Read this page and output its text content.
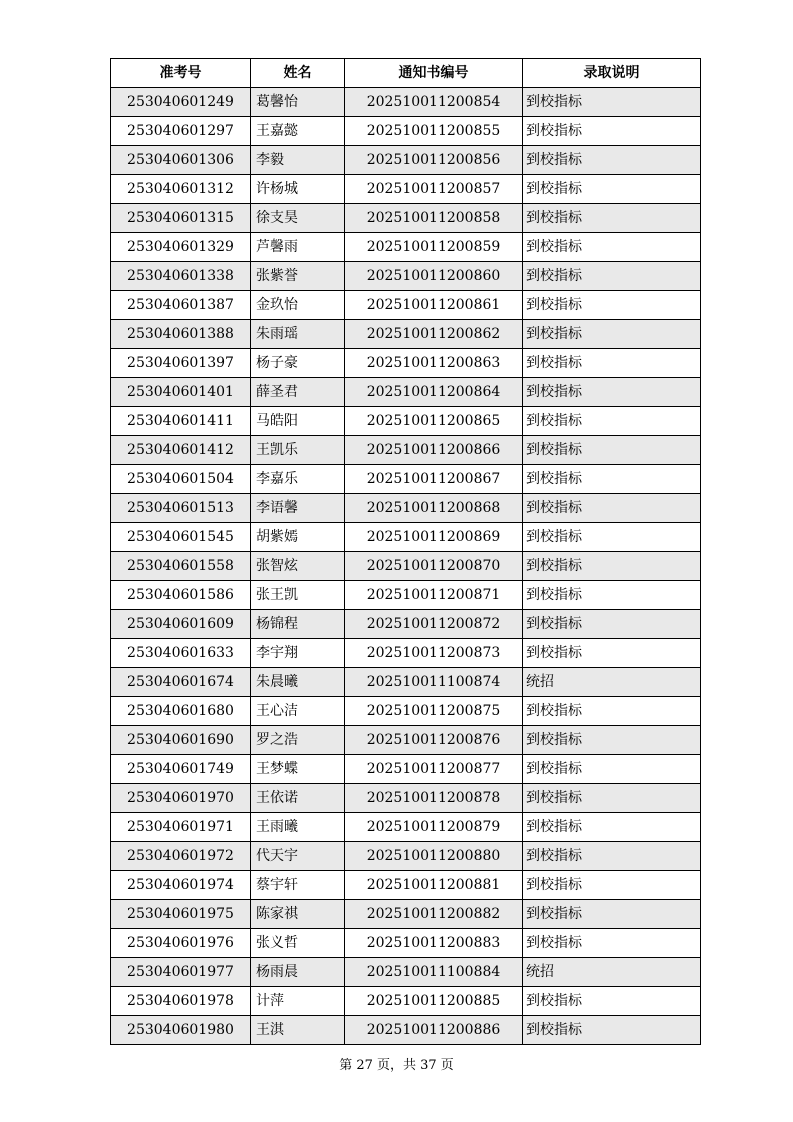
准考号	姓名	通知书编号	录取说明
253040601249	葛馨怡	202510011200854	到校指标
253040601297	王嘉懿	202510011200855	到校指标
253040601306	李毅	202510011200856	到校指标
253040601312	许杨城	202510011200857	到校指标
253040601315	徐支昊	202510011200858	到校指标
253040601329	芦馨雨	202510011200859	到校指标
253040601338	张紫誉	202510011200860	到校指标
253040601387	金玖怡	202510011200861	到校指标
253040601388	朱雨瑶	202510011200862	到校指标
253040601397	杨子豪	202510011200863	到校指标
253040601401	薛圣君	202510011200864	到校指标
253040601411	马皓阳	202510011200865	到校指标
253040601412	王凯乐	202510011200866	到校指标
253040601504	李嘉乐	202510011200867	到校指标
253040601513	李语馨	202510011200868	到校指标
253040601545	胡紫嫣	202510011200869	到校指标
253040601558	张智炫	202510011200870	到校指标
253040601586	张王凯	202510011200871	到校指标
253040601609	杨锦程	202510011200872	到校指标
253040601633	李宇翔	202510011200873	到校指标
253040601674	朱晨曦	202510011100874	统招
253040601680	王心洁	202510011200875	到校指标
253040601690	罗之浩	202510011200876	到校指标
253040601749	王梦蝶	202510011200877	到校指标
253040601970	王依诺	202510011200878	到校指标
253040601971	王雨曦	202510011200879	到校指标
253040601972	代天宇	202510011200880	到校指标
253040601974	蔡宇轩	202510011200881	到校指标
253040601975	陈家祺	202510011200882	到校指标
253040601976	张义哲	202510011200883	到校指标
253040601977	杨雨晨	202510011100884	统招
253040601978	计萍	202510011200885	到校指标
253040601980	王淇	202510011200886	到校指标
第 27 页，共 37 页
